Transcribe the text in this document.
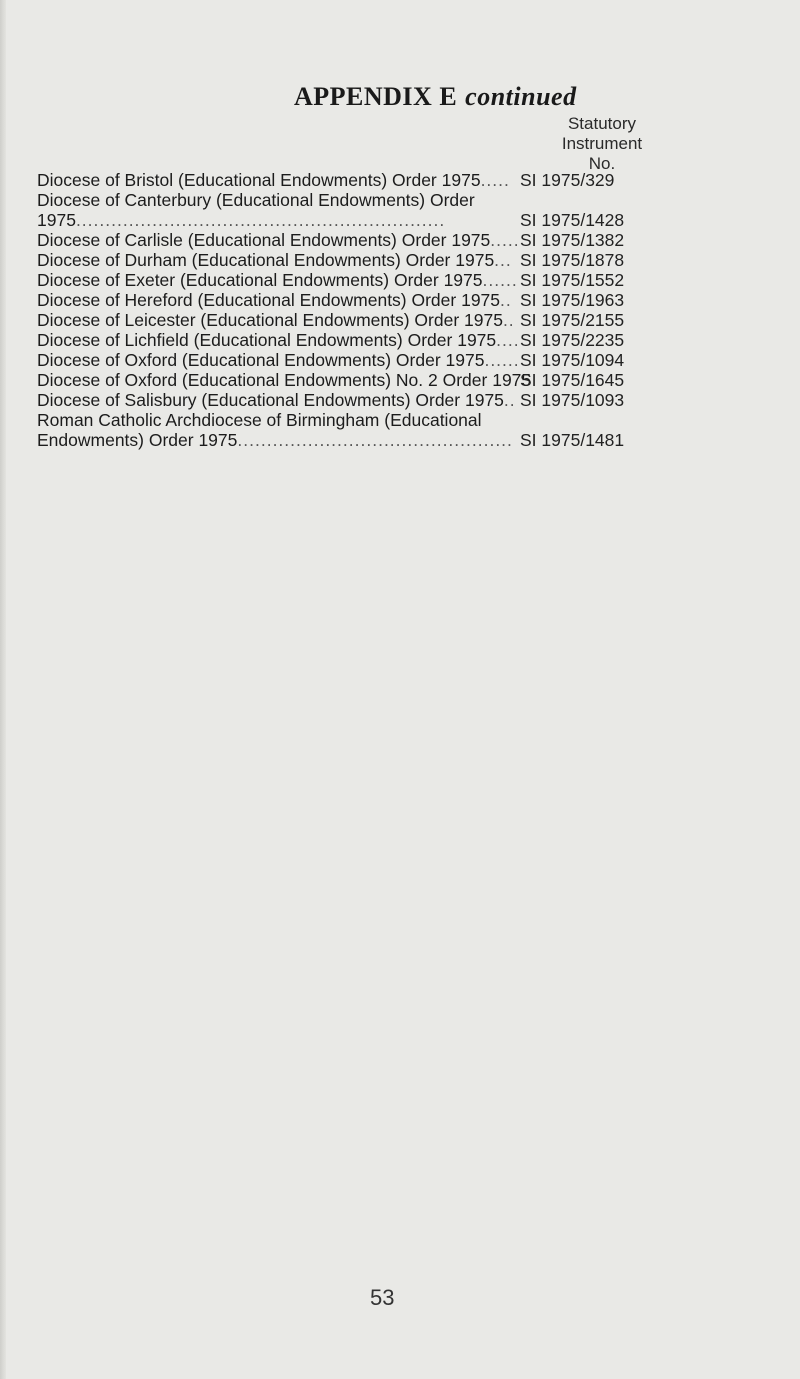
APPENDIX E continued
Statutory
Instrument
No.
Diocese of Bristol (Educational Endowments) Order 1975..... SI 1975/329
Diocese of Canterbury (Educational Endowments) Order
1975...............................................................	SI 1975/1428
Diocese of Carlisle (Educational Endowments) Order 1975..... SI 1975/1382
Diocese of Durham (Educational Endowments) Order 1975... SI 1975/1878
Diocese of Exeter (Educational Endowments) Order 1975...... SI 1975/1552
Diocese of Hereford (Educational Endowments) Order 1975.. SI 1975/1963
Diocese of Leicester (Educational Endowments) Order 1975.. SI 1975/2155
Diocese of Lichfield (Educational Endowments) Order 1975.... SI 1975/2235
Diocese of Oxford (Educational Endowments) Order 1975...... SI 1975/1094
Diocese of Oxford (Educational Endowments) No. 2 Order 1975
SI 1975/1645
Diocese of Salisbury (Educational Endowments) Order 1975.. SI 1975/1093
Roman Catholic Archdiocese of Birmingham (Educational
Endowments) Order 1975............................................... SI 1975/1481
53
